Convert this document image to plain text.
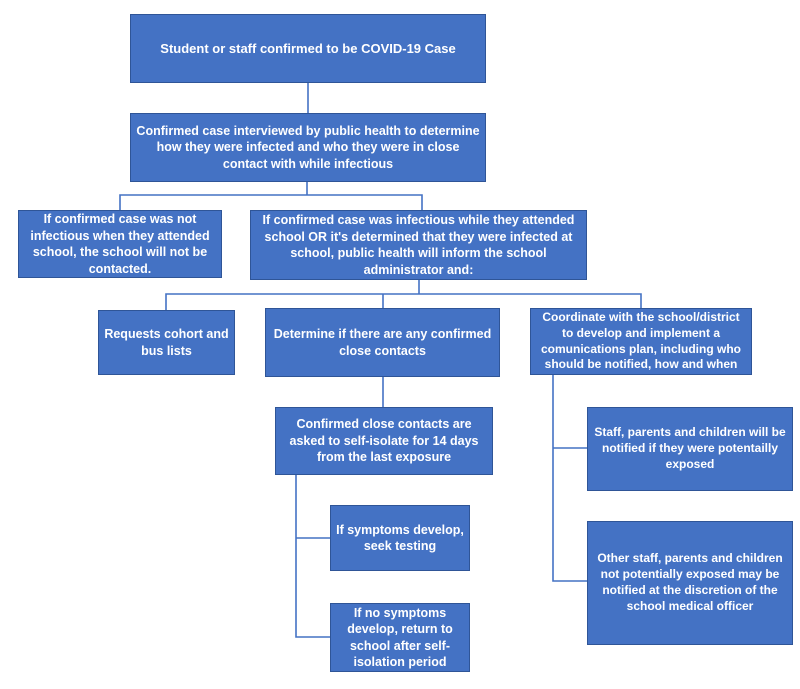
Student or staff confirmed to be COVID-19 Case
Confirmed case interviewed by public health to determine how they were infected and who they were in close contact with while infectious
If confirmed case was not infectious when they attended school, the school will not be contacted.
If confirmed case was infectious while they attended school OR it's determined that they were infected at school, public health will inform the school administrator and:
Requests cohort and bus lists
Determine if there are any confirmed close contacts
Coordinate with the school/district to develop and implement a comunications plan, including who should be notified, how and when
Confirmed close contacts are asked to self-isolate for 14 days from the last exposure
Staff, parents and children will be notified if they were potentailly exposed
If symptoms develop, seek testing
Other staff, parents and children not potentially exposed may be notified at the discretion of the school medical officer
If no symptoms develop, return to school after self-isolation period
